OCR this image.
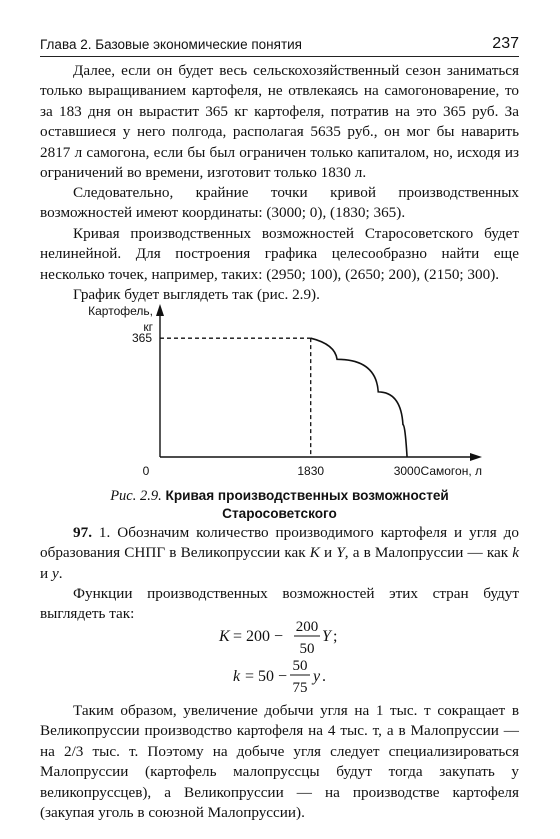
Глава 2. Базовые экономические понятия	237

Далее, если он будет весь сельскохозяйственный сезон заниматься только выращиванием картофеля, не отвлекаясь на самогоноварение, то за 183 дня он вырастит 365 кг картофеля, потратив на это 365 руб. За оставшиеся у него полгода, располагая 5635 руб., он мог бы наварить 2817 л самогона, если бы был ограничен только капиталом, но, исходя из ограничений во времени, изготовит только 1830 л.

Следовательно, крайние точки кривой производственных возможностей имеют координаты: (3000; 0), (1830; 365).

Кривая производственных возможностей Старосоветского будет нелинейной. Для построения графика целесообразно найти еще несколько точек, например, таких: (2950; 100), (2650; 200), (2150; 300).

График будет выглядеть так (рис. 2.9).

Картофель, кг
Самогон, л
0	1830	3000
365
Рис. 2.9. Кривая производственных возможностей
Старосоветского

97. 1. Обозначим количество производимого картофеля и угля до образования СНПГ в Великопруссии как K и Y, а в Малопруссии — как k и y.

Функции производственных возможностей этих стран будут выглядеть так:

K = 200 −
200
50
Y ;
k = 50 −
50
75
y .

Таким образом, увеличение добычи угля на 1 тыс. т сокращает в Великопруссии производство картофеля на 4 тыс. т, а в Малопруссии — на 2/3 тыс. т. Поэтому на добыче угля следует специализироваться Малопруссии (картофель малопруссцы будут тогда закупать у великопруссцев), а Великопруссии — на производстве картофеля (закупая уголь в союзной Малопруссии).
